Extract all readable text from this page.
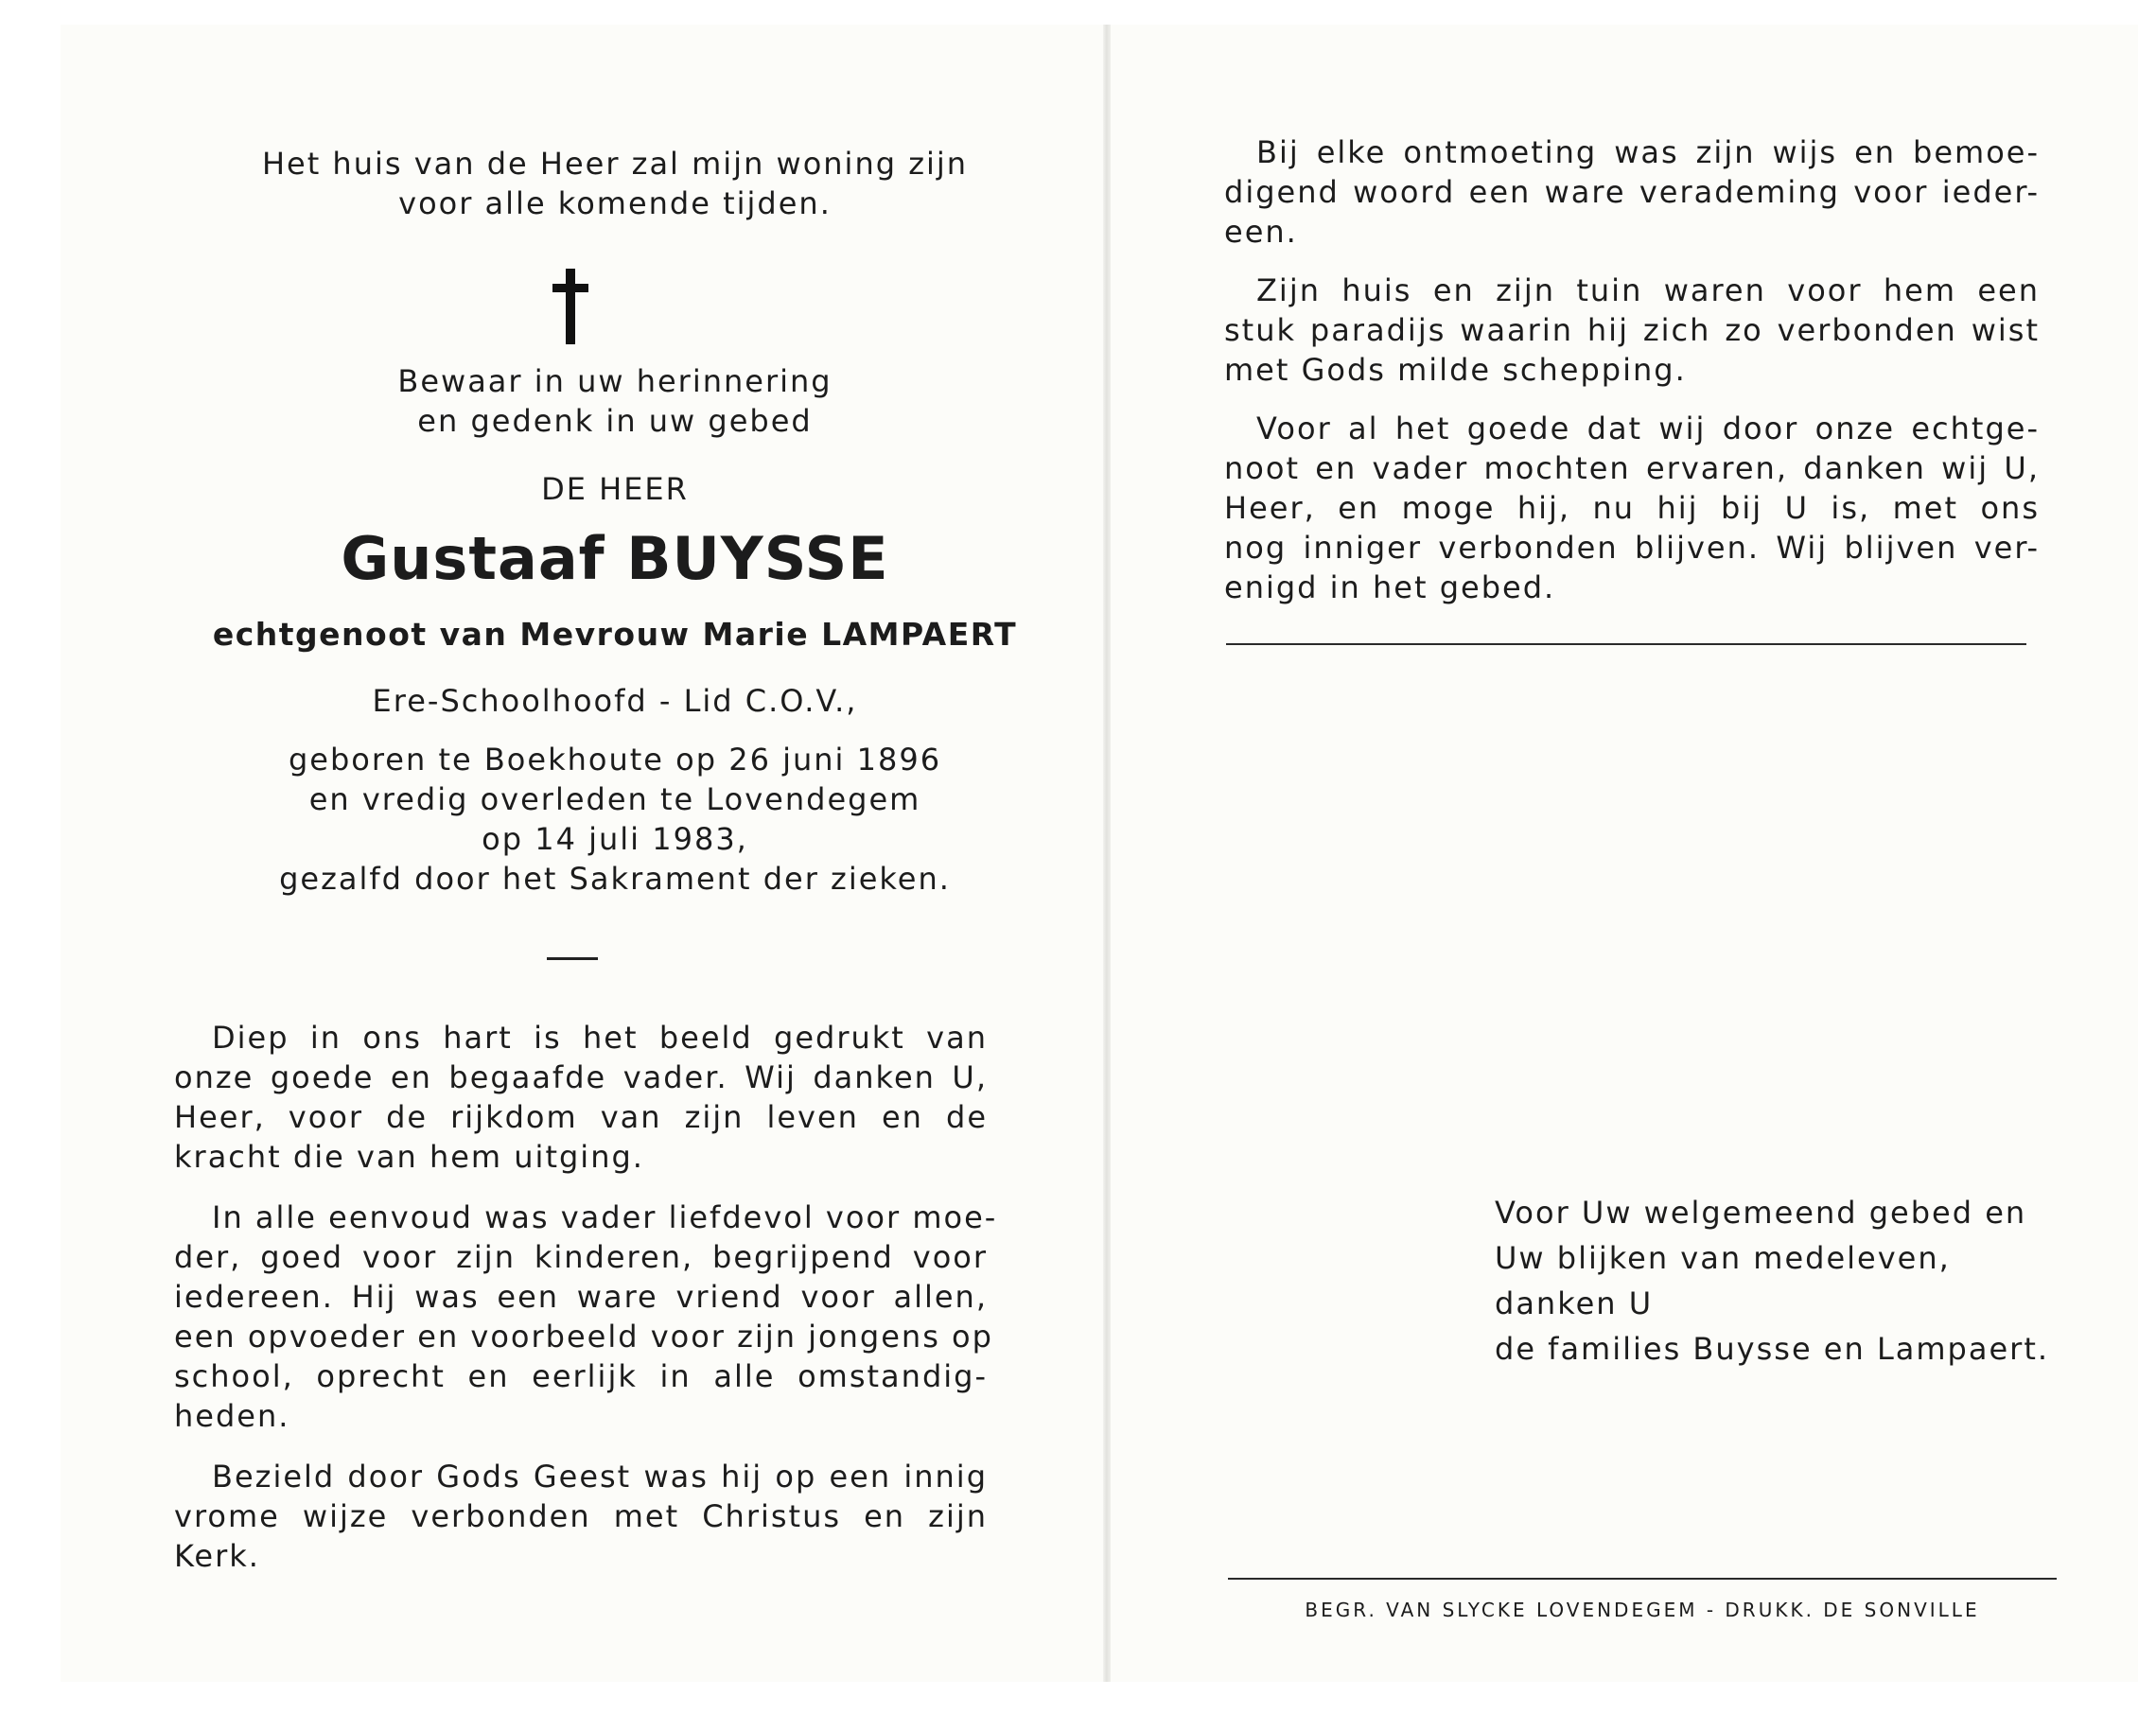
Het huis van de Heer zal mijn woning zijn
voor alle komende tijden.
Bewaar in uw herinnering
en gedenk in uw gebed
DE HEER
Gustaaf BUYSSE
echtgenoot van Mevrouw Marie LAMPAERT
Ere-Schoolhoofd - Lid C.O.V.,
geboren te Boekhoute op 26 juni 1896
en vredig overleden te Lovendegem
op 14 juli 1983,
gezalfd door het Sakrament der zieken.
Diep in ons hart is het beeld gedrukt van
onze goede en begaafde vader. Wij danken U,
Heer, voor de rijkdom van zijn leven en de
kracht die van hem uitging.
In alle eenvoud was vader liefdevol voor moe-
der, goed voor zijn kinderen, begrijpend voor
iedereen. Hij was een ware vriend voor allen,
een opvoeder en voorbeeld voor zijn jongens op
school, oprecht en eerlijk in alle omstandig-
heden.
Bezield door Gods Geest was hij op een innig
vrome wijze verbonden met Christus en zijn
Kerk.
Bij elke ontmoeting was zijn wijs en bemoe-
digend woord een ware verademing voor ieder-
een.
Zijn huis en zijn tuin waren voor hem een
stuk paradijs waarin hij zich zo verbonden wist
met Gods milde schepping.
Voor al het goede dat wij door onze echtge-
noot en vader mochten ervaren, danken wij U,
Heer, en moge hij, nu hij bij U is, met ons
nog inniger verbonden blijven. Wij blijven ver-
enigd in het gebed.
Voor Uw welgemeend gebed en
Uw blijken van medeleven,
danken U
de families Buysse en Lampaert.
BEGR. VAN SLYCKE LOVENDEGEM - DRUKK. DE SONVILLE
